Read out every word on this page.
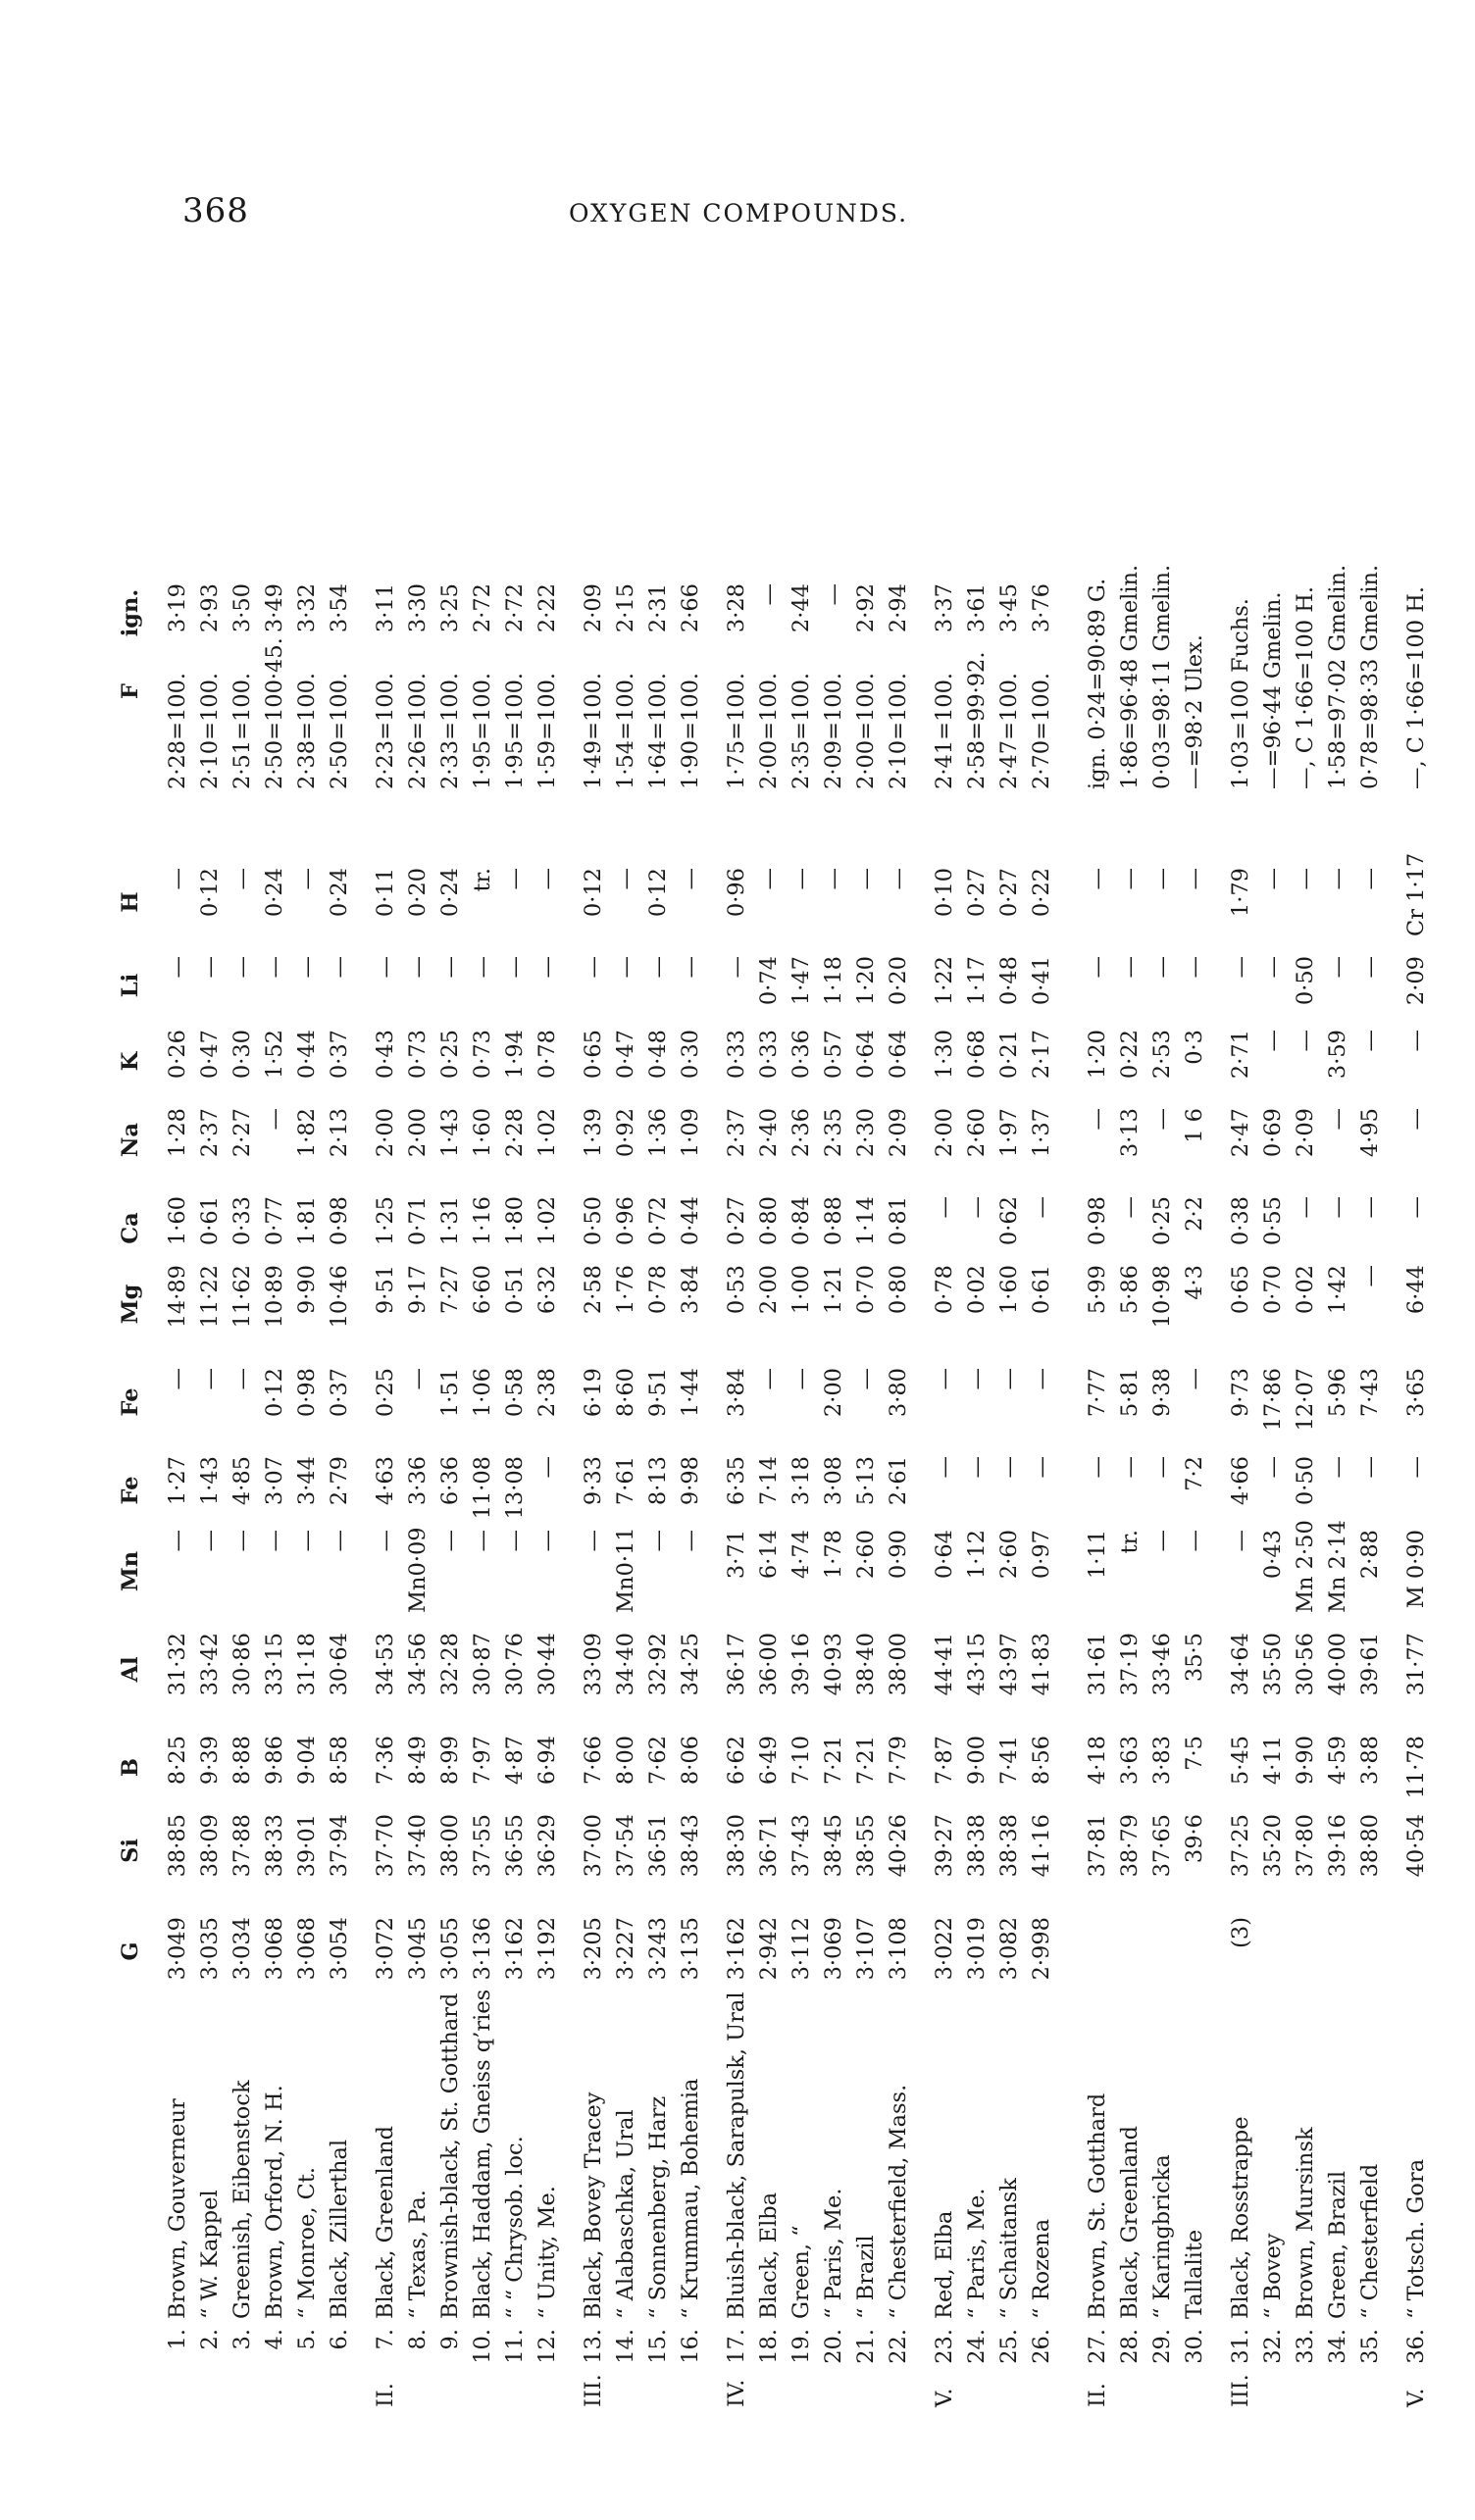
368	OXYGEN COMPOUNDS.
G
Si
B
Al
Mn
Fe
Fe
Mg
Ca
Na
K
Li
H
F
ign.
1.
Brown, Gouverneur
3·049
38·85
8·25
31·32
—
1·27
—
14·89
1·60
1·28
0·26
—
—
2·28=100.
3·19
2.
“ W. Kappel
3·035
38·09
9·39
33·42
—
1·43
—
11·22
0·61
2·37
0·47
—
0·12
2·10=100.
2·93
3.
Greenish, Eibenstock
3·034
37·88
8·88
30·86
—
4·85
—
11·62
0·33
2·27
0·30
—
—
2·51=100.
3·50
4.
Brown, Orford, N. H.
3·068
38·33
9·86
33·15
—
3·07
0·12
10·89
0·77
—
1·52
—
0·24
2·50=100·45.
3·49
5.
“ Monroe, Ct.
3·068
39·01
9·04
31·18
—
3·44
0·98
9·90
1·81
1·82
0·44
—
—
2·38=100.
3·32
6.
Black, Zillerthal
3·054
37·94
8·58
30·64
—
2·79
0·37
10·46
0·98
2·13
0·37
—
0·24
2·50=100.
3·54
II.
7.
Black, Greenland
3·072
37·70
7·36
34·53
—
4·63
0·25
9·51
1·25
2·00
0·43
—
0·11
2·23=100.
3·11
8.
“ Texas, Pa.
3·045
37·40
8·49
34·56
Mn0·09
3·36
—
9·17
0·71
2·00
0·73
—
0·20
2·26=100.
3·30
9.
Brownish-black, St. Gotthard
3·055
38·00
8·99
32·28
—
6·36
1·51
7·27
1·31
1·43
0·25
—
0·24
2·33=100.
3·25
10.
Black, Haddam, Gneiss q’ries
3·136
37·55
7·97
30·87
—
11·08
1·06
6·60
1·16
1·60
0·73
—
tr.
1·95=100.
2·72
11.
“ “ Chrysob. loc.
3·162
36·55
4·87
30·76
—
13·08
0·58
0·51
1·80
2·28
1·94
—
—
1·95=100.
2·72
12.
“ Unity, Me.
3·192
36·29
6·94
30·44
—
—
2·38
6·32
1·02
1·02
0·78
—
—
1·59=100.
2·22
III.
13.
Black, Bovey Tracey
3·205
37·00
7·66
33·09
—
9·33
6·19
2·58
0·50
1·39
0·65
—
0·12
1·49=100.
2·09
14.
“ Alabaschka, Ural
3·227
37·54
8·00
34·40
Mn0·11
7·61
8·60
1·76
0·96
0·92
0·47
—
—
1·54=100.
2·15
15.
“ Sonnenberg, Harz
3·243
36·51
7·62
32·92
—
8·13
9·51
0·78
0·72
1·36
0·48
—
0·12
1·64=100.
2·31
16.
“ Krummau, Bohemia
3·135
38·43
8·06
34·25
—
9·98
1·44
3·84
0·44
1·09
0·30
—
—
1·90=100.
2·66
IV.
17.
Bluish-black, Sarapulsk, Ural
3·162
38·30
6·62
36·17
3·71
6·35
3·84
0·53
0·27
2·37
0·33
—
0·96
1·75=100.
3·28
18.
Black, Elba
2·942
36·71
6·49
36·00
6·14
7·14
—
2·00
0·80
2·40
0·33
0·74
—
2·00=100.
—
19.
Green, “
3·112
37·43
7·10
39·16
4·74
3·18
—
1·00
0·84
2·36
0·36
1·47
—
2·35=100.
2·44
20.
“ Paris, Me.
3·069
38·45
7·21
40·93
1·78
3·08
2·00
1·21
0·88
2·35
0·57
1·18
—
2·09=100.
—
21.
“ Brazil
3·107
38·55
7·21
38·40
2·60
5·13
—
0·70
1·14
2·30
0·64
1·20
—
2·00=100.
2·92
22.
“ Chesterfield, Mass.
3·108
40·26
7·79
38·00
0·90
2·61
3·80
0·80
0·81
2·09
0·64
0·20
—
2·10=100.
2·94
V.
23.
Red, Elba
3·022
39·27
7·87
44·41
0·64
—
—
0·78
—
2·00
1·30
1·22
0·10
2·41=100.
3·37
24.
“ Paris, Me.
3·019
38·38
9·00
43·15
1·12
—
—
0·02
—
2·60
0·68
1·17
0·27
2·58=99·92.
3·61
25.
“ Schaitansk
3·082
38·38
7·41
43·97
2·60
—
—
1·60
0·62
1·97
0·21
0·48
0·27
2·47=100.
3·45
26.
“ Rozena
2·998
41·16
8·56
41·83
0·97
—
—
0·61
—
1·37
2·17
0·41
0·22
2·70=100.
3·76
II.
27.
Brown, St. Gotthard
37·81
4·18
31·61
1·11
—
7·77
5·99
0·98
—
1·20
—
—
ign. 0·24=90·89 G.
28.
Black, Greenland
38·79
3·63
37·19
tr.
—
5·81
5·86
—
3·13
0·22
—
—
1·86=96·48 Gmelin.
29.
“ Karingbricka
37·65
3·83
33·46
—
—
9·38
10·98
0·25
—
2·53
—
—
0·03=98·11 Gmelin.
30.
Tallalite
39·6
7·5
35·5
—
7·2
—
4·3
2·2
1 6
0·3
—
—
—=98·2 Ulex.
III.
31.
Black, Rosstrappe
(3)
37·25
5·45
34·64
—
4·66
9·73
0·65
0·38
2·47
2·71
—
1·79
1·03=100 Fuchs.
32.
“ Bovey
35·20
4·11
35·50
0·43
—
17·86
0·70
0·55
0·69
—
—
—
—=96·44 Gmelin.
33.
Brown, Mursinsk
37·80
9·90
30·56
Mn 2·50
0·50
12·07
0·02
—
2·09
—
0·50
—
—, C 1·66=100 H.
34.
Green, Brazil
39·16
4·59
40·00
Mn 2·14
—
5·96
1·42
—
—
3·59
—
—
1·58=97·02 Gmelin.
35.
“ Chesterfield
38·80
3·88
39·61
2·88
—
7·43
—
—
4·95
—
—
—
0·78=98·33 Gmelin.
V.
36.
“ Totsch. Gora
40·54
11·78
31·77
M 0·90
—
3·65
6·44
—
—
—
2·09
Cr 1·17
—, C 1·66=100 H.
